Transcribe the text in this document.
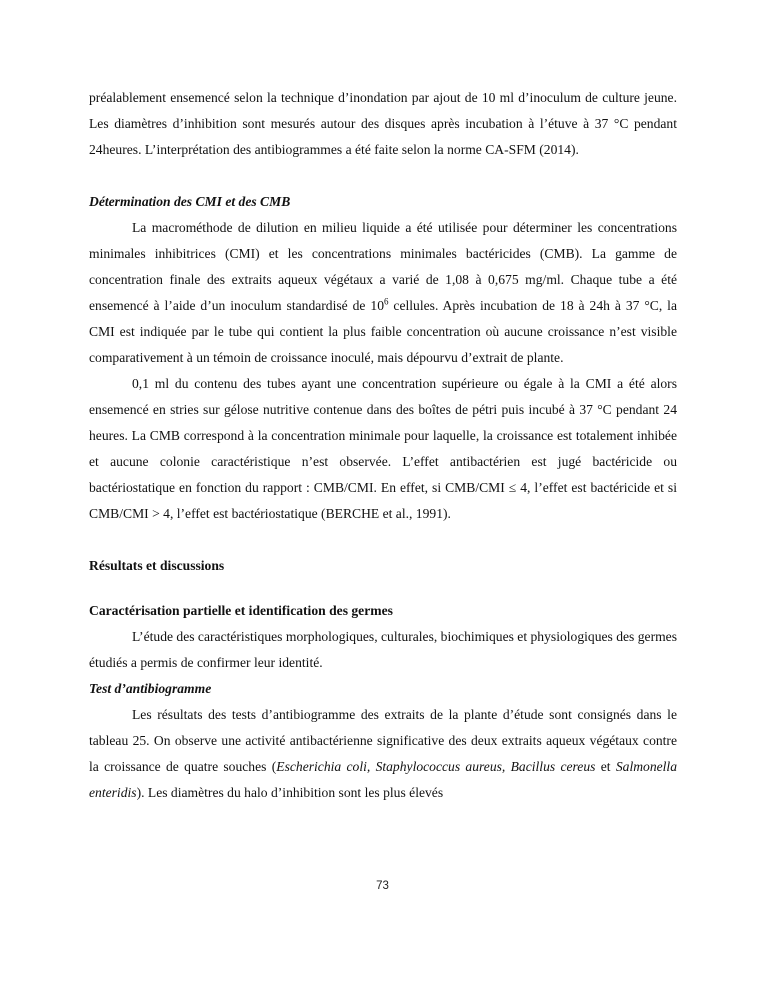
préalablement ensemencé selon la technique d’inondation par ajout de 10 ml d’inoculum de culture jeune. Les diamètres d’inhibition sont mesurés autour des disques après incubation à l’étuve à 37 °C pendant 24heures. L’interprétation des antibiogrammes a été faite selon la norme CA-SFM (2014).

Détermination des CMI et des CMB

La macrométhode de dilution en milieu liquide a été utilisée pour déterminer les concentrations minimales inhibitrices (CMI) et les concentrations minimales bactéricides (CMB). La gamme de concentration finale des extraits aqueux végétaux a varié de 1,08 à 0,675 mg/ml. Chaque tube a été ensemencé à l’aide d’un inoculum standardisé de $10^6$ cellules. Après incubation de 18 à 24h à 37 °C, la CMI est indiquée par le tube qui contient la plus faible concentration où aucune croissance n’est visible comparativement à un témoin de croissance inoculé, mais dépourvu d’extrait de plante.

0,1 ml du contenu des tubes ayant une concentration supérieure ou égale à la CMI a été alors ensemencé en stries sur gélose nutritive contenue dans des boîtes de pétri puis incubé à 37 °C pendant 24 heures. La CMB correspond à la concentration minimale pour laquelle, la croissance est totalement inhibée et aucune colonie caractéristique n’est observée. L’effet antibactérien est jugé bactéricide ou bactériostatique en fonction du rapport : CMB/CMI. En effet, si CMB/CMI ≤ 4, l’effet est bactéricide et si CMB/CMI > 4, l’effet est bactériostatique (BERCHE et al., 1991).

Résultats et discussions

Caractérisation partielle et identification des germes

L’étude des caractéristiques morphologiques, culturales, biochimiques et physiologiques des germes étudiés a permis de confirmer leur identité.

Test d’antibiogramme

Les résultats des tests d’antibiogramme des extraits de la plante d’étude sont consignés dans le tableau 25. On observe une activité antibactérienne significative des deux extraits aqueux végétaux contre la croissance de quatre souches (Escherichia coli, Staphylococcus aureus, Bacillus cereus et Salmonella enteridis). Les diamètres du halo d’inhibition sont les plus élevés

73
